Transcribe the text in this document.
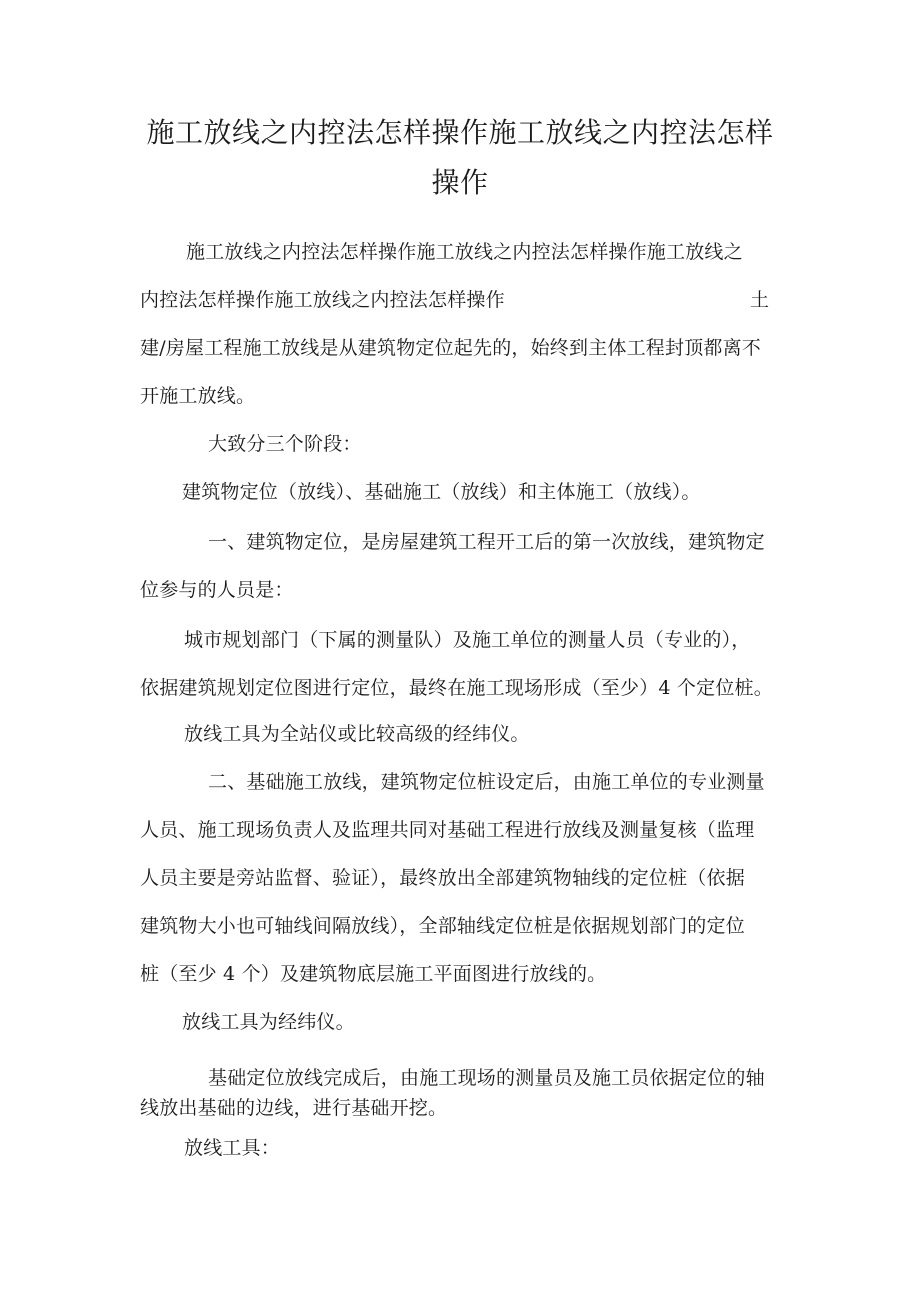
施工放线之内控法怎样操作施工放线之内控法怎样
操作
施工放线之内控法怎样操作施工放线之内控法怎样操作施工放线之
内控法怎样操作施工放线之内控法怎样操作	土
建/房屋工程施工放线是从建筑物定位起先的，始终到主体工程封顶都离不
开施工放线。
大致分三个阶段：
建筑物定位（放线）、基础施工（放线）和主体施工（放线）。
一、建筑物定位，是房屋建筑工程开工后的第一次放线，建筑物定
位参与的人员是：
城市规划部门（下属的测量队）及施工单位的测量人员（专业的），
依据建筑规划定位图进行定位，最终在施工现场形成（至少）4 个定位桩。
放线工具为全站仪或比较高级的经纬仪。
二、基础施工放线，建筑物定位桩设定后，由施工单位的专业测量
人员、施工现场负责人及监理共同对基础工程进行放线及测量复核（监理
人员主要是旁站监督、验证），最终放出全部建筑物轴线的定位桩（依据
建筑物大小也可轴线间隔放线），全部轴线定位桩是依据规划部门的定位
桩（至少 4 个）及建筑物底层施工平面图进行放线的。
放线工具为经纬仪。
基础定位放线完成后，由施工现场的测量员及施工员依据定位的轴
线放出基础的边线，进行基础开挖。
放线工具：
